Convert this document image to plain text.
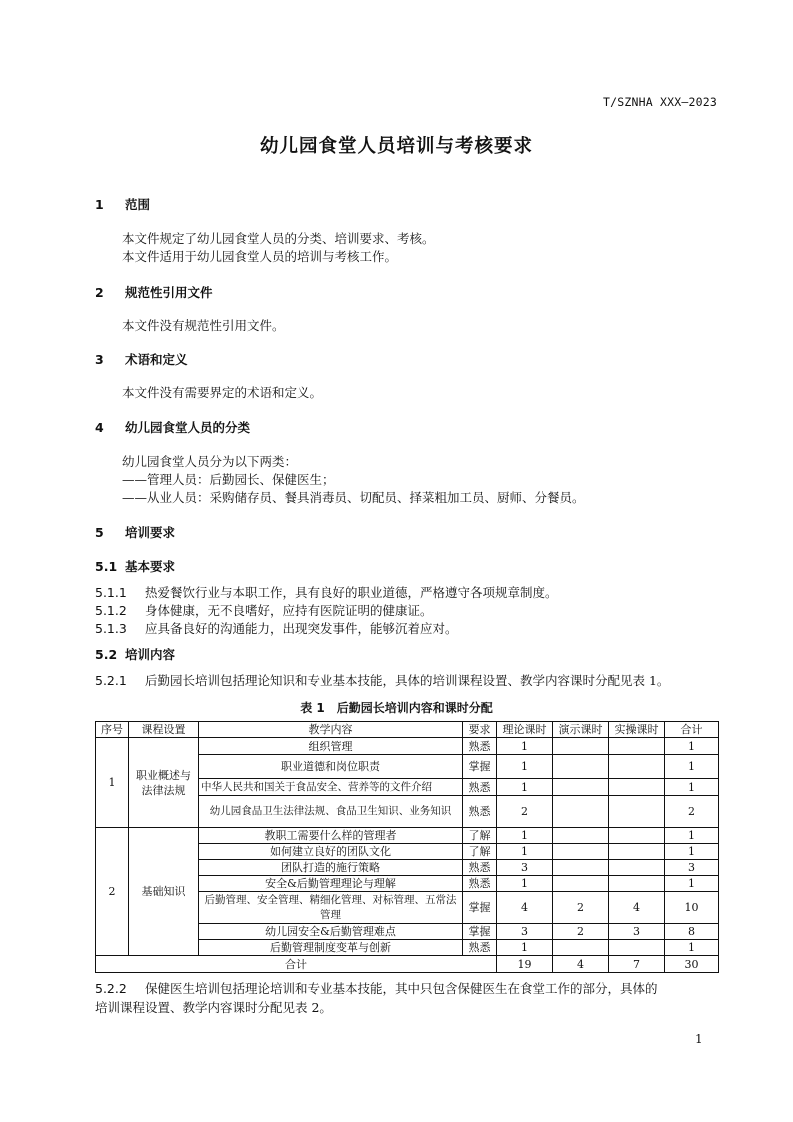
T/SZNHA XXX—2023
幼儿园食堂人员培训与考核要求
1 范围
本文件规定了幼儿园食堂人员的分类、培训要求、考核。
本文件适用于幼儿园食堂人员的培训与考核工作。
2 规范性引用文件
本文件没有规范性引用文件。
3 术语和定义
本文件没有需要界定的术语和定义。
4 幼儿园食堂人员的分类
幼儿园食堂人员分为以下两类：
——管理人员：后勤园长、保健医生；
——从业人员：采购储存员、餐具消毒员、切配员、择菜粗加工员、厨师、分餐员。
5 培训要求
5.1 基本要求
5.1.1 热爱餐饮行业与本职工作，具有良好的职业道德，严格遵守各项规章制度。
5.1.2 身体健康，无不良嗜好，应持有医院证明的健康证。
5.1.3 应具备良好的沟通能力，出现突发事件，能够沉着应对。
5.2 培训内容
5.2.1 后勤园长培训包括理论知识和专业基本技能，具体的培训课程设置、教学内容课时分配见表 1。
表 1　后勤园长培训内容和课时分配
序号	课程设置	教学内容	要求	理论课时	演示课时	实操课时	合计
1	职业概述与法律法规	组织管理	熟悉	1			1
		职业道德和岗位职责	掌握	1			1
		中华人民共和国关于食品安全、营养等的文件介绍	熟悉	1			1
		幼儿园食品卫生法律法规、食品卫生知识、业务知识	熟悉	2			2
2	基础知识	教职工需要什么样的管理者	了解	1			1
		如何建立良好的团队文化	了解	1			1
		团队打造的施行策略	熟悉	3			3
		安全&后勤管理理论与理解	熟悉	1			1
		后勤管理、安全管理、精细化管理、对标管理、五常法管理	掌握	4	2	4	10
		幼儿园安全&后勤管理难点	掌握	3	2	3	8
		后勤管理制度变革与创新	熟悉	1			1
合计				19	4	7	30
5.2.2 保健医生培训包括理论培训和专业基本技能，其中只包含保健医生在食堂工作的部分，具体的
培训课程设置、教学内容课时分配见表 2。
1
